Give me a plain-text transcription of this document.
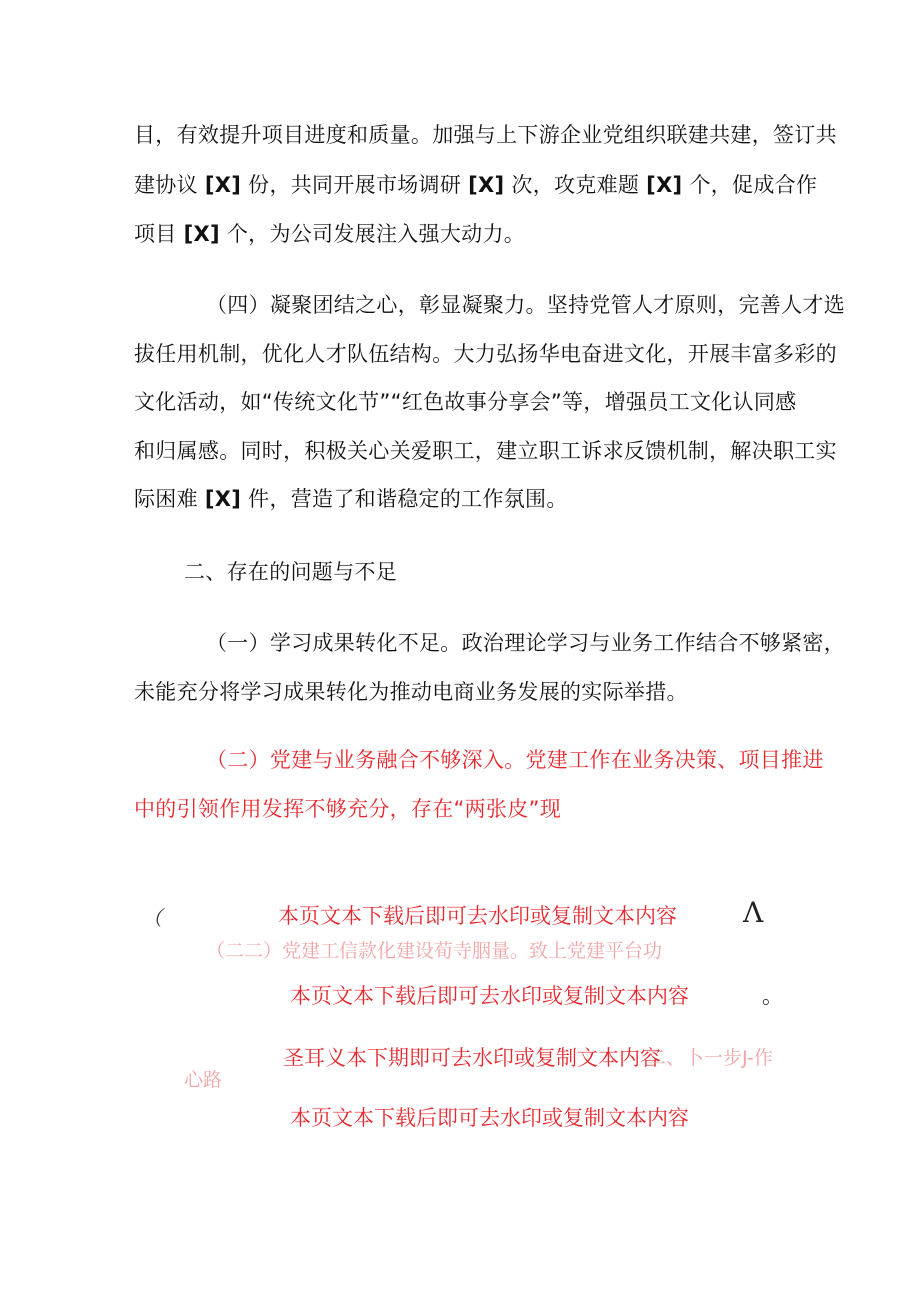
目，有效提升项目进度和质量。加强与上下游企业党组织联建共建，签订共
建协议 [X] 份，共同开展市场调研 [X] 次，攻克难题 [X] 个，促成合作
项目 [X] 个，为公司发展注入强大动力。
（四）凝聚团结之心，彰显凝聚力。坚持党管人才原则，完善人才选
拔任用机制，优化人才队伍结构。大力弘扬华电奋进文化，开展丰富多彩的
文化活动，如“传统文化节”“红色故事分享会”等，增强员工文化认同感
和归属感。同时，积极关心关爱职工，建立职工诉求反馈机制，解决职工实
际困难 [X] 件，营造了和谐稳定的工作氛围。
二、存在的问题与不足
（一）学习成果转化不足。政治理论学习与业务工作结合不够紧密，
未能充分将学习成果转化为推动电商业务发展的实际举措。
（二）党建与业务融合不够深入。党建工作在业务决策、项目推进
中的引领作用发挥不够充分，存在“两张皮”现
（	本页文本下载后即可去水印或复制文本内容 Λ
（二二）党建工信款化建设荀寺胭量。致上党建平台功
本页文本下载后即可去水印或复制文本内容	。
圣耳义本下期即可去水印或复制文本内容
二、卜一步J-作
心路
本页文本下载后即可去水印或复制文本内容
